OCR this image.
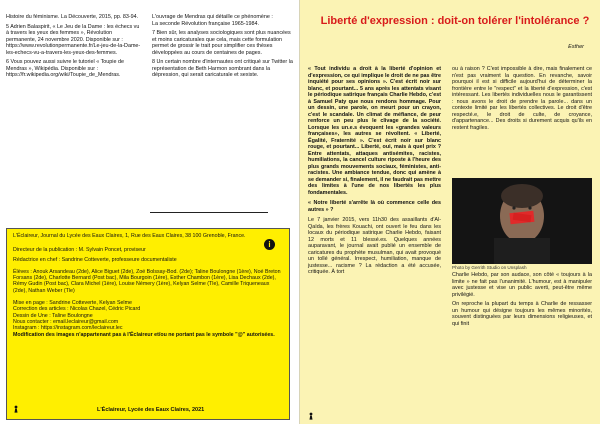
Histoire du féminisme. La Découverte, 2015, pp. 83-94.

5 Adrien Balaspirit, « Le Jeu de la Dame : les échecs vu à travers les yeux des femmes », Révolution permanente, 24 novembre 2020. Disponible sur : https://www.revolutionpermanente.fr/Le-jeu-de-la-Dame-les-echecs-vu-a-travers-les-yeux-des-femmes.

6 Vous pouvez aussi suivre le tutoriel « Toupie de Mendras », Wikipédia. Disponible sur : https://fr.wikipedia.org/wiki/Toupie_de_Mendras.

L'ouvrage de Mendras qui détaille ce phénomène :

La seconde Révolution française 1965-1984.

7 Bien sûr, les analyses sociologiques sont plus nuancées et moins caricaturales que cela, mais cette formulation permet de grossir le trait pour simplifier ces thèses développées au cours de centaines de pages.

8 Un certain nombre d'internautes ont critiqué sur Twitter la représentation de Beth Harmon sombrant dans la dépression, qui serait caricaturale et sexiste.

i

L'Éclaireur, Journal du Lycée des Eaux Claires, 1, Rue des Eaux Claires, 38 100 Grenoble, France.

Directeur de la publication : M. Sylvain Poncet, proviseur

Rédactrice en chef : Sandrine Cotteverte, professeure documentaliste

Élèves : Anouk Arsandeau (2de), Alice Biguet (2de), Zoé Bolssay-Bod. (2de); Taline Boulongne (1ère), Noé Breton Forsans (2de), Charlotte Bernard (Post bac), Mila Bourgoin (1ère), Esther Chambon (1ère), Lisa Dechaux (2de), Rémy Gudin (Post bac), Clara Michel (1ère), Louise Némery (1ère), Kelyan Selme (Tle), Camille Triqueneaux (2de), Nathan Weber (Tle)

Mise en page : Sandrine Cotteverte, Kelyan Selme

Correction des articles : Nicolas Chazel, Cédric Picard

Dessin de Une : Taline Boulongne

Nous contacter : email.leclaireur@gmail.com

Instagram : https://instagram.com/leclaireur.lec

Modification des images n'appartenant pas à l'Éclaireur et/ou ne portant pas le symbole "@" autorisées.

L'Éclaireur, Lycée des Eaux Claires, 2021
Liberté d'expression : doit-on tolérer l'intolérance ?
Esther

« Tout individu a droit à la liberté d'opinion et d'expression, ce qui implique le droit de ne pas être inquiété pour ses opinions ». C'est écrit noir sur blanc, et pourtant... 5 ans après les attentats visant le périodique satirique français Charlie Hebdo, c'est à Samuel Paty que nous rendons hommage. Pour un dessin, une parole, on meurt pour un crayon, c'est le scandale. Un climat de méfiance, de peur renforce un peu plus le clivage de la société. Lorsque les un.e.s évoquent les «grandes valeurs françaises», les autres se révoltent. « Liberté, Égalité, Fraternité ». C'est écrit noir sur blanc rouge, et pourtant... Liberté, oui, mais à quel prix ? Entre attentats, attaques antisémites, racistes, humiliations, la cancel culture riposte à l'heure des plus grands mouvements sociaux, féministes, anti-racistes. Une ambiance tendue, donc qui amène à se demander si, finalement, il ne faudrait pas mettre des limites à l'une de nos libertés les plus fondamentales.

« Notre liberté s'arrête là où commence celle des autres » ?

Le 7 janvier 2015, vers 11h30 des assaillants d'Al-Qaïda, les frères Kouachi, ont ouvert le feu dans les locaux du périodique satirique Charlie Hebdo, faisant 12 morts et 11 blessé.es. Quelques années auparavant, le journal avait publié un ensemble de caricatures du prophète musulman, qui avait provoqué un tollé général. Irrespect, humiliation, manque de justesse... racisme ? La rédaction a été accusée, critiquée. À tort

ou à raison ? C'est impossible à dire, mais finalement ce n'est pas vraiment la question. En revanche, savoir pourquoi il est si difficile aujourd'hui de déterminer la frontière entre le "respect" et la liberté d'expression, c'est intéressant. Les libertés individuelles nous le garantissent : nous avons le droit de prendre la parole... dans un contexte limité par les libertés collectives. Le droit d'être respecté.e, le droit de culte, de croyance, d'appartenance... Des droits si durement acquis qu'ils en restent fragiles.

Photo by Gerrith Studio on Unsplash

Charlie Hebdo, par son audace, son côté « toujours à la limite » ne fait pas l'unanimité. L'humour, est à manipuler avec justesse et vise un public averti, peut-être même privilégié.

On reproche la plupart du temps à Charlie de ressasser un humour qui désigne toujours les mêmes minorités, souvent distinguées par leurs dimensions religieuses, et qui finit
